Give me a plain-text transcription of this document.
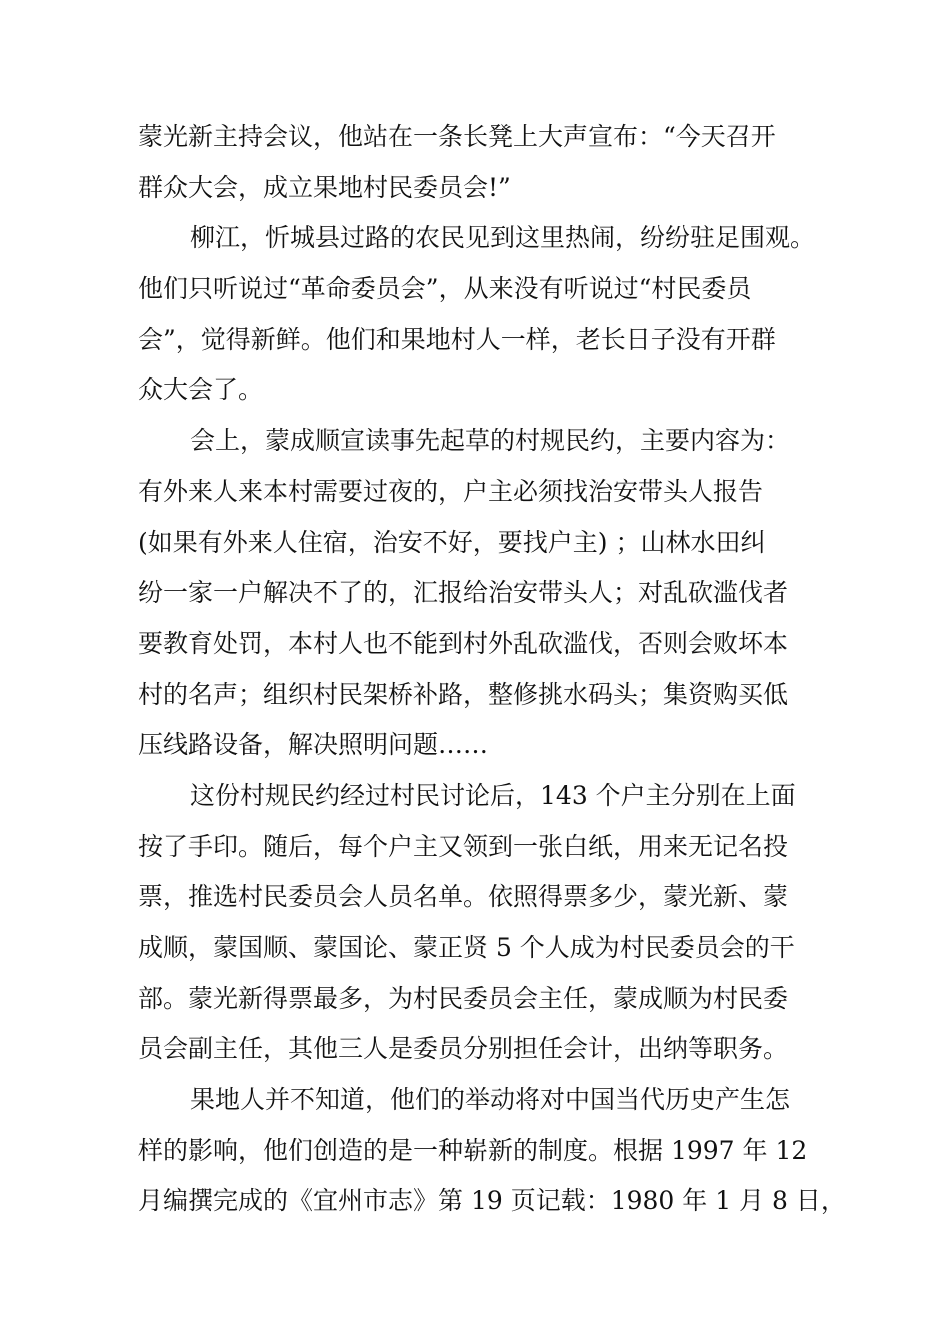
蒙光新主持会议，他站在一条长凳上大声宣布：“今天召开
群众大会，成立果地村民委员会!”
柳江，忻城县过路的农民见到这里热闹，纷纷驻足围观。
他们只听说过“革命委员会”，从来没有听说过“村民委员
会”，觉得新鲜。他们和果地村人一样，老长日子没有开群
众大会了。
会上，蒙成顺宣读事先起草的村规民约，主要内容为：
有外来人来本村需要过夜的，户主必须找治安带头人报告
(如果有外来人住宿，治安不好，要找户主) ；山林水田纠
纷一家一户解决不了的，汇报给治安带头人；对乱砍滥伐者
要教育处罚，本村人也不能到村外乱砍滥伐，否则会败坏本
村的名声；组织村民架桥补路，整修挑水码头；集资购买低
压线路设备，解决照明问题……
这份村规民约经过村民讨论后，143 个户主分别在上面
按了手印。随后，每个户主又领到一张白纸，用来无记名投
票，推选村民委员会人员名单。依照得票多少，蒙光新、蒙
成顺，蒙国顺、蒙国论、蒙正贤 5 个人成为村民委员会的干
部。蒙光新得票最多，为村民委员会主任，蒙成顺为村民委
员会副主任，其他三人是委员分别担任会计，出纳等职务。
果地人并不知道，他们的举动将对中国当代历史产生怎
样的影响，他们创造的是一种崭新的制度。根据 1997 年 12
月编撰完成的《宜州市志》第 19 页记载：1980 年 1 月 8 日，
